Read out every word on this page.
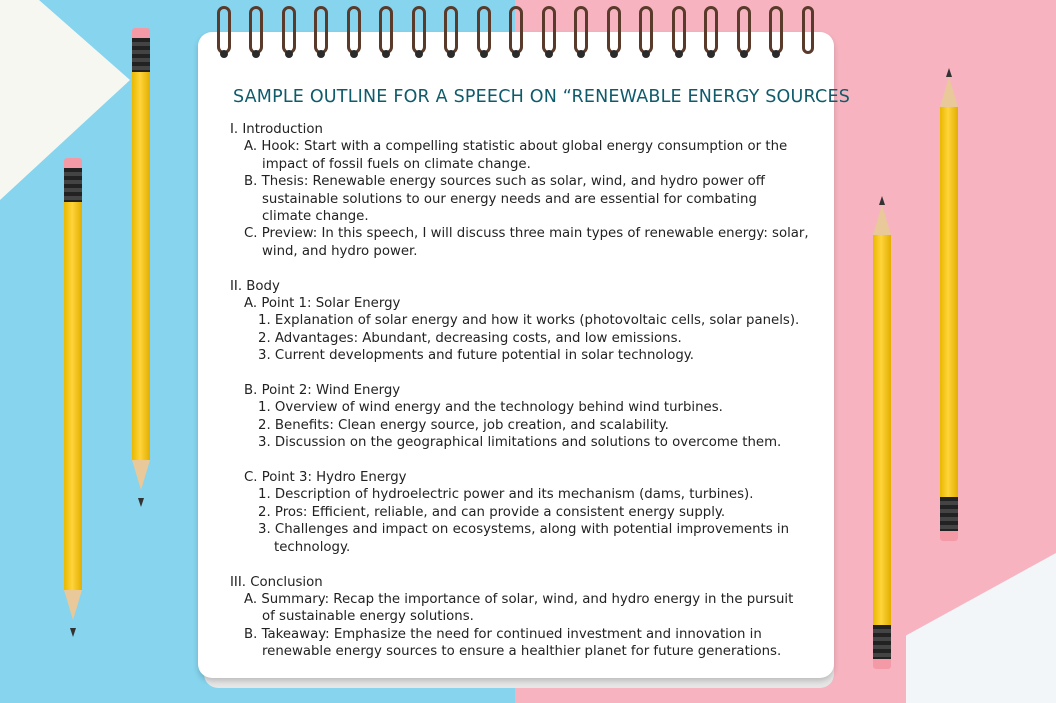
SAMPLE OUTLINE FOR A SPEECH ON “RENEWABLE ENERGY SOURCES
I. Introduction
A. Hook: Start with a compelling statistic about global energy consumption or the
impact of fossil fuels on climate change.
B. Thesis: Renewable energy sources such as solar, wind, and hydro power off
sustainable solutions to our energy needs and are essential for combating
climate change.
C. Preview: In this speech, I will discuss three main types of renewable energy: solar,
wind, and hydro power.
II. Body
A. Point 1: Solar Energy
1. Explanation of solar energy and how it works (photovoltaic cells, solar panels).
2. Advantages: Abundant, decreasing costs, and low emissions.
3. Current developments and future potential in solar technology.
B. Point 2: Wind Energy
1. Overview of wind energy and the technology behind wind turbines.
2. Benefits: Clean energy source, job creation, and scalability.
3. Discussion on the geographical limitations and solutions to overcome them.
C. Point 3: Hydro Energy
1. Description of hydroelectric power and its mechanism (dams, turbines).
2. Pros: Efficient, reliable, and can provide a consistent energy supply.
3. Challenges and impact on ecosystems, along with potential improvements in
technology.
III. Conclusion
A. Summary: Recap the importance of solar, wind, and hydro energy in the pursuit
of sustainable energy solutions.
B. Takeaway: Emphasize the need for continued investment and innovation in
renewable energy sources to ensure a healthier planet for future generations.
